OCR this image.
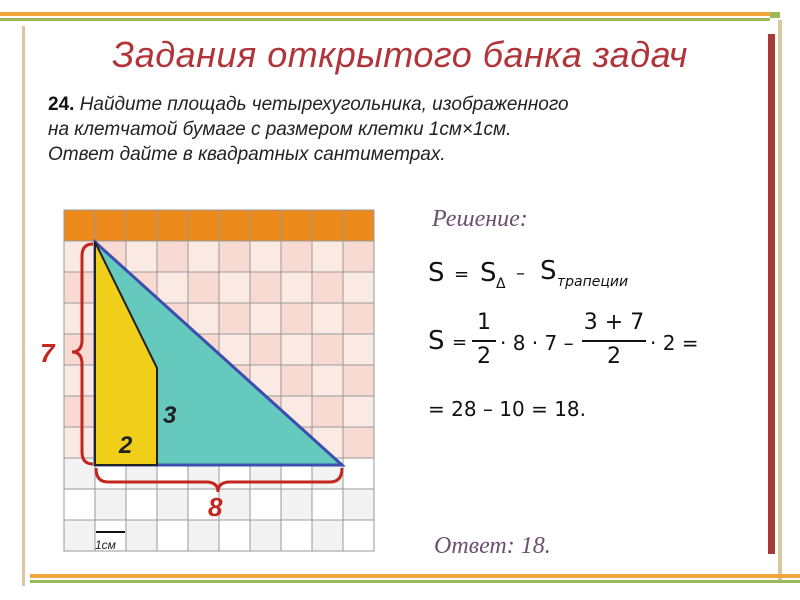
Задания открытого банка задач
24. Найдите площадь четырехугольника, изображенного
на клетчатой бумаге с размером клетки 1см×1см.
Ответ дайте в квадратных сантиметрах.
7
8
3
2
1см
Решение:
S = S Δ – S трапеции
S =
1
2
· 8 · 7 –
3 + 7
2
· 2 =
= 28 – 10 = 18.
Ответ: 18.
